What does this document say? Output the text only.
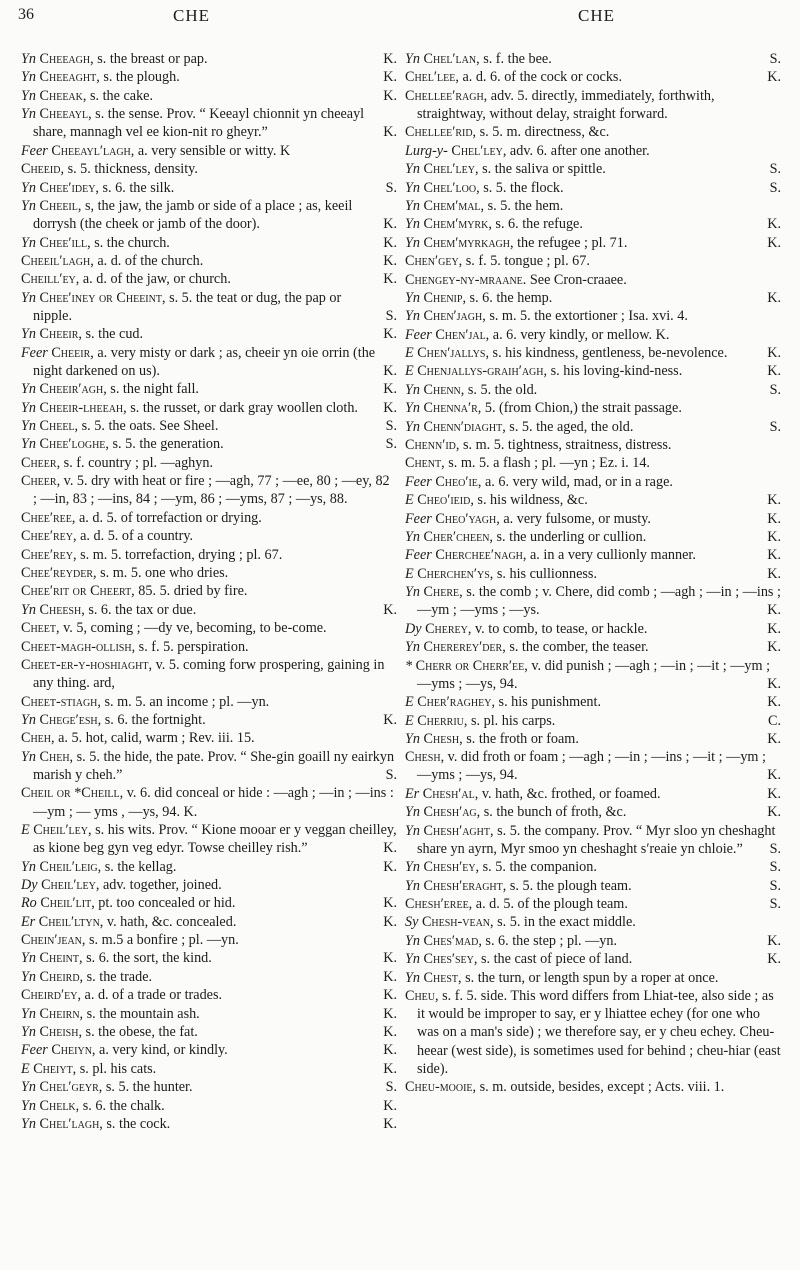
36	CHE	CHE
Yn Cheeagh, s. the breast or pap.	K.
Yn Cheeaght, s. the plough.	K.
Yn Cheeak, s. the cake.	K.
Yn Cheeayl, s. the sense. Prov. “ Keeayl chionnit yn cheeayl share, mannagh vel ee kion-nit ro gheyr.”	K.
Feer Cheeayl′lagh, a. very sensible or witty. K
Cheeid, s. 5. thickness, density.
Yn Chee′idey, s. 6. the silk.	S.
Yn Cheeil, s, the jaw, the jamb or side of a place ; as, keeil dorrysh (the cheek or jamb of the door).	K.
Yn Chee′ill, s. the church.	K.
Cheeil′lagh, a. d. of the church.	K.
Cheill′ey, a. d. of the jaw, or church.	K.
Yn Chee′iney or Cheeint, s. 5. the teat or dug, the pap or nipple.	S.
Yn Cheeir, s. the cud.	K.
Feer Cheeir, a. very misty or dark ; as, cheeir yn oie orrin (the night darkened on us).	K.
Yn Cheeir′agh, s. the night fall.	K.
Yn Cheeir-lheeah, s. the russet, or dark gray woollen cloth. K.
Yn Cheel, s. 5. the oats. See Sheel.	S.
Yn Chee′loghe, s. 5. the generation.	S.
Cheer, s. f. country ; pl. —aghyn.
Cheer, v. 5. dry with heat or fire ; —agh, 77 ; —ee, 80 ; —ey, 82 ; —in, 83 ; —ins, 84 ; —ym, 86 ; —yms, 87 ; —ys, 88.
Chee′ree, a. d. 5. of torrefaction or drying.
Chee′rey, a. d. 5. of a country.
Chee′rey, s. m. 5. torrefaction, drying ; pl. 67.
Chee′reyder, s. m. 5. one who dries.
Chee′rit or Cheert, 85. 5. dried by fire.
Yn Cheesh, s. 6. the tax or due.	K.
Cheet, v. 5, coming ; —dy ve, becoming, to be-come.
Cheet-magh-ollish, s. f. 5. perspiration.
Cheet-er-y-hoshiaght, v. 5. coming forw prospering, gaining in any thing. ard,
Cheet-stiagh, s. m. 5. an income ; pl. —yn.
Yn Chege′esh, s. 6. the fortnight.	K.
Cheh, a. 5. hot, calid, warm ; Rev. iii. 15.
Yn Cheh, s. 5. the hide, the pate. Prov. “ She-gin goaill ny eairkyn marish y cheh.”	S.
Cheil or *Cheill, v. 6. did conceal or hide : —agh ; —in ; —ins : —ym ; — yms , —ys, 94. K.
E Cheil′ley, s. his wits. Prov. “ Kione mooar er y veggan cheilley, as kione beg gyn veg edyr. Towse cheilley rish.”	K.
Yn Cheil′leig, s. the kellag.	K.
Dy Cheil′ley, adv. together, joined.
Ro Cheil′lit, pt. too concealed or hid.	K.
Er Cheil′ltyn, v. hath, &c. concealed.	K.
Chein′jean, s. m.5 a bonfire ; pl. —yn.
Yn Cheint, s. 6. the sort, the kind.	K.
Yn Cheird, s. the trade.	K.
Cheird′ey, a. d. of a trade or trades.	K.
Yn Cheirn, s. the mountain ash.	K.
Yn Cheish, s. the obese, the fat.	K.
Feer Cheiyn, a. very kind, or kindly.	K.
E Cheiyt, s. pl. his cats.	K.
Yn Chel′geyr, s. 5. the hunter.	S.
Yn Chelk, s. 6. the chalk.	K.
Yn Chel′lagh, s. the cock.	K.
Yn Chel′lan, s. f. the bee.	S.
Chel′lee, a. d. 6. of the cock or cocks.	K.
Chellee′ragh, adv. 5. directly, immediately, forthwith, straightway, without delay, straight forward.
Chellee′rid, s. 5. m. directness, &c.
Lurg-y- Chel′ley, adv. 6. after one another.
Yn Chel′ley, s. the saliva or spittle.	S.
Yn Chel′loo, s. 5. the flock.	S.
Yn Chem′mal, s. 5. the hem.
Yn Chem′myrk, s. 6. the refuge.	K.
Yn Chem′myrkagh, the refugee ; pl. 71.	K.
Chen′gey, s. f. 5. tongue ; pl. 67.
Chengey-ny-mraane. See Cron-craaee.
Yn Chenip, s. 6. the hemp.	K.
Yn Chen′jagh, s. m. 5. the extortioner ; Isa. xvi. 4.
Feer Chen′jal, a. 6. very kindly, or mellow. K.
E Chen′jallys, s. his kindness, gentleness, be-nevolence.	K.
E Chenjallys-graih′agh, s. his loving-kind-ness.	K.
Yn Chenn, s. 5. the old.	S.
Yn Chenna′r, 5. (from Chion,) the strait passage.
Yn Chenn′diaght, s. 5. the aged, the old.	S.
Chenn′id, s. m. 5. tightness, straitness, distress.
Chent, s. m. 5. a flash ; pl. —yn ; Ez. i. 14.
Feer Cheo′ie, a. 6. very wild, mad, or in a rage.
E Cheo′ieid, s. his wildness, &c.	K.
Feer Cheo′yagh, a. very fulsome, or musty.	K.
Yn Cher′cheen, s. the underling or cullion.	K.
Feer Cherchee′nagh, a. in a very cullionly manner.	K.
E Cherchen′ys, s. his cullionness.	K.
Yn Chere, s. the comb ; v. Chere, did comb ; —agh ; —in ; —ins ; —ym ; —yms ; —ys.	K.
Dy Cherey, v. to comb, to tease, or hackle.	K.
Yn Chererey′der, s. the comber, the teaser.	K.
* Cherr or Cherr′ee, v. did punish ; —agh ; —in ; —it ; —ym ; —yms ; —ys, 94.	K.
E Cher′raghey, s. his punishment.	K.
E Cherriu, s. pl. his carps.	C.
Yn Chesh, s. the froth or foam.	K.
Chesh, v. did froth or foam ; —agh ; —in ; —ins ; —it ; —ym ; —yms ; —ys, 94.	K.
Er Chesh′al, v. hath, &c. frothed, or foamed.	K.
Yn Chesh′ag, s. the bunch of froth, &c.	K.
Yn Chesh′aght, s. 5. the company. Prov. “ Myr sloo yn cheshaght share yn ayrn, Myr smoo yn cheshaght s′reaie yn chloie.” S.
Yn Chesh′ey, s. 5. the companion.	S.
Yn Chesh′eraght, s. 5. the plough team.	S.
Chesh′eree, a. d. 5. of the plough team.	S.
Sy Chesh-vean, s. 5. in the exact middle.
Yn Ches′mad, s. 6. the step ; pl. —yn.	K.
Yn Ches′sey, s. the cast of piece of land.	K.
Yn Chest, s. the turn, or length spun by a roper at once.
Cheu, s. f. 5. side. This word differs from Lhiat-tee, also side ; as it would be improper to say, er y lhiattee echey (for one who was on a man's side) ; we therefore say, er y cheu echey. Cheu-heear (west side), is sometimes used for behind ; cheu-hiar (east side).
Cheu-mooie, s. m. outside, besides, except ; Acts. viii. 1.
